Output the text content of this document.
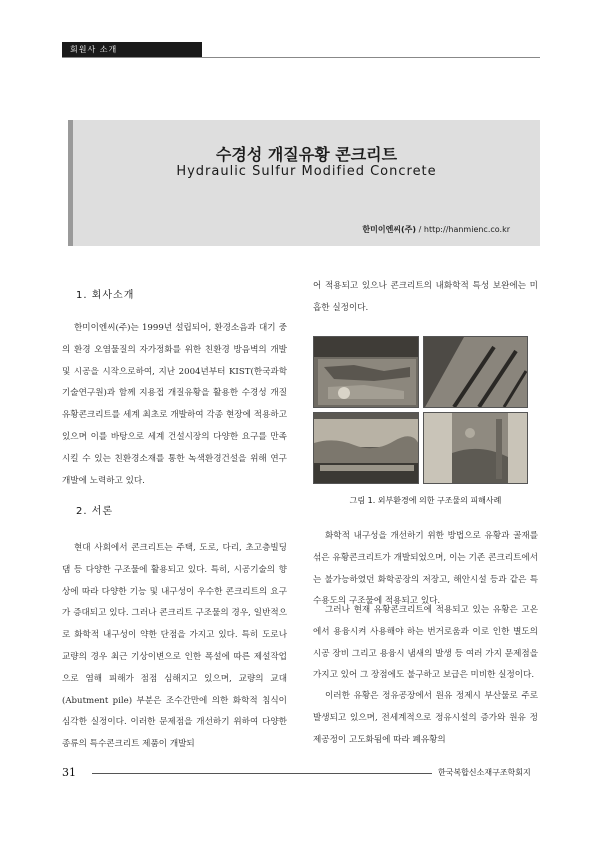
회원사 소개
수경성 개질유황 콘크리트
Hydraulic Sulfur Modified Concrete
한미이엔씨(주) / http://hanmienc.co.kr
1. 회사소개
한미이엔씨(주)는 1999년 설립되어, 환경소음과 대기 중의 환경 오염물질의 자가정화를 위한 친환경 방음벽의 개발 및 시공을 시작으로하여, 지난 2004년부터 KIST(한국과학기술연구원)과 함께 지용접 개질유황을 활용한 수경성 개질유황콘크리트를 세계 최초로 개발하여 각종 현장에 적용하고 있으며 이를 바탕으로 세계 건설시장의 다양한 요구를 만족시킬 수 있는 친환경소재를 통한 녹색환경건설을 위해 연구개발에 노력하고 있다.
2. 서론
현대 사회에서 콘크리트는 주택, 도로, 다리, 초고층빌딩 댐 등 다양한 구조물에 활용되고 있다. 특히, 시공기술의 향상에 따라 다양한 기능 및 내구성이 우수한 콘크리트의 요구가 증대되고 있다. 그러나 콘크리트 구조물의 경우, 일반적으로 화학적 내구성이 약한 단점을 가지고 있다. 특히 도로나 교량의 경우 최근 기상이변으로 인한 폭설에 따른 제설작업으로 염해 피해가 점점 심해지고 있으며, 교량의 교대(Abutment pile) 부분은 조수간만에 의한 화학적 침식이 심각한 실정이다. 이러한 문제점을 개선하기 위하여 다양한 종류의 특수콘크리트 제품이 개발되
어 적용되고 있으나 콘크리트의 내화학적 특성 보완에는 미흡한 실정이다.
그림 1. 외부환경에 의한 구조물의 피해사례
화학적 내구성을 개선하기 위한 방법으로 유황과 골재를 섞은 유황콘크리트가 개발되었으며, 이는 기존 콘크리트에서는 불가능하였던 화학공장의 저장고, 해안시설 등과 같은 특수용도의 구조물에 적용되고 있다.
그러나 현재 유황콘크리트에 적용되고 있는 유황은 고온에서 용융시켜 사용해야 하는 번거로움과 이로 인한 별도의 시공 장비 그리고 용융시 냄새의 발생 등 여러 가지 문제점을 가지고 있어 그 장점에도 불구하고 보급은 미비한 실정이다.
이러한 유황은 정유공장에서 원유 정제시 부산물로 주로 발생되고 있으며, 전세계적으로 정유시설의 증가와 원유 정제공정이 고도화됨에 따라 폐유황의
31	한국복합신소재구조학회지
